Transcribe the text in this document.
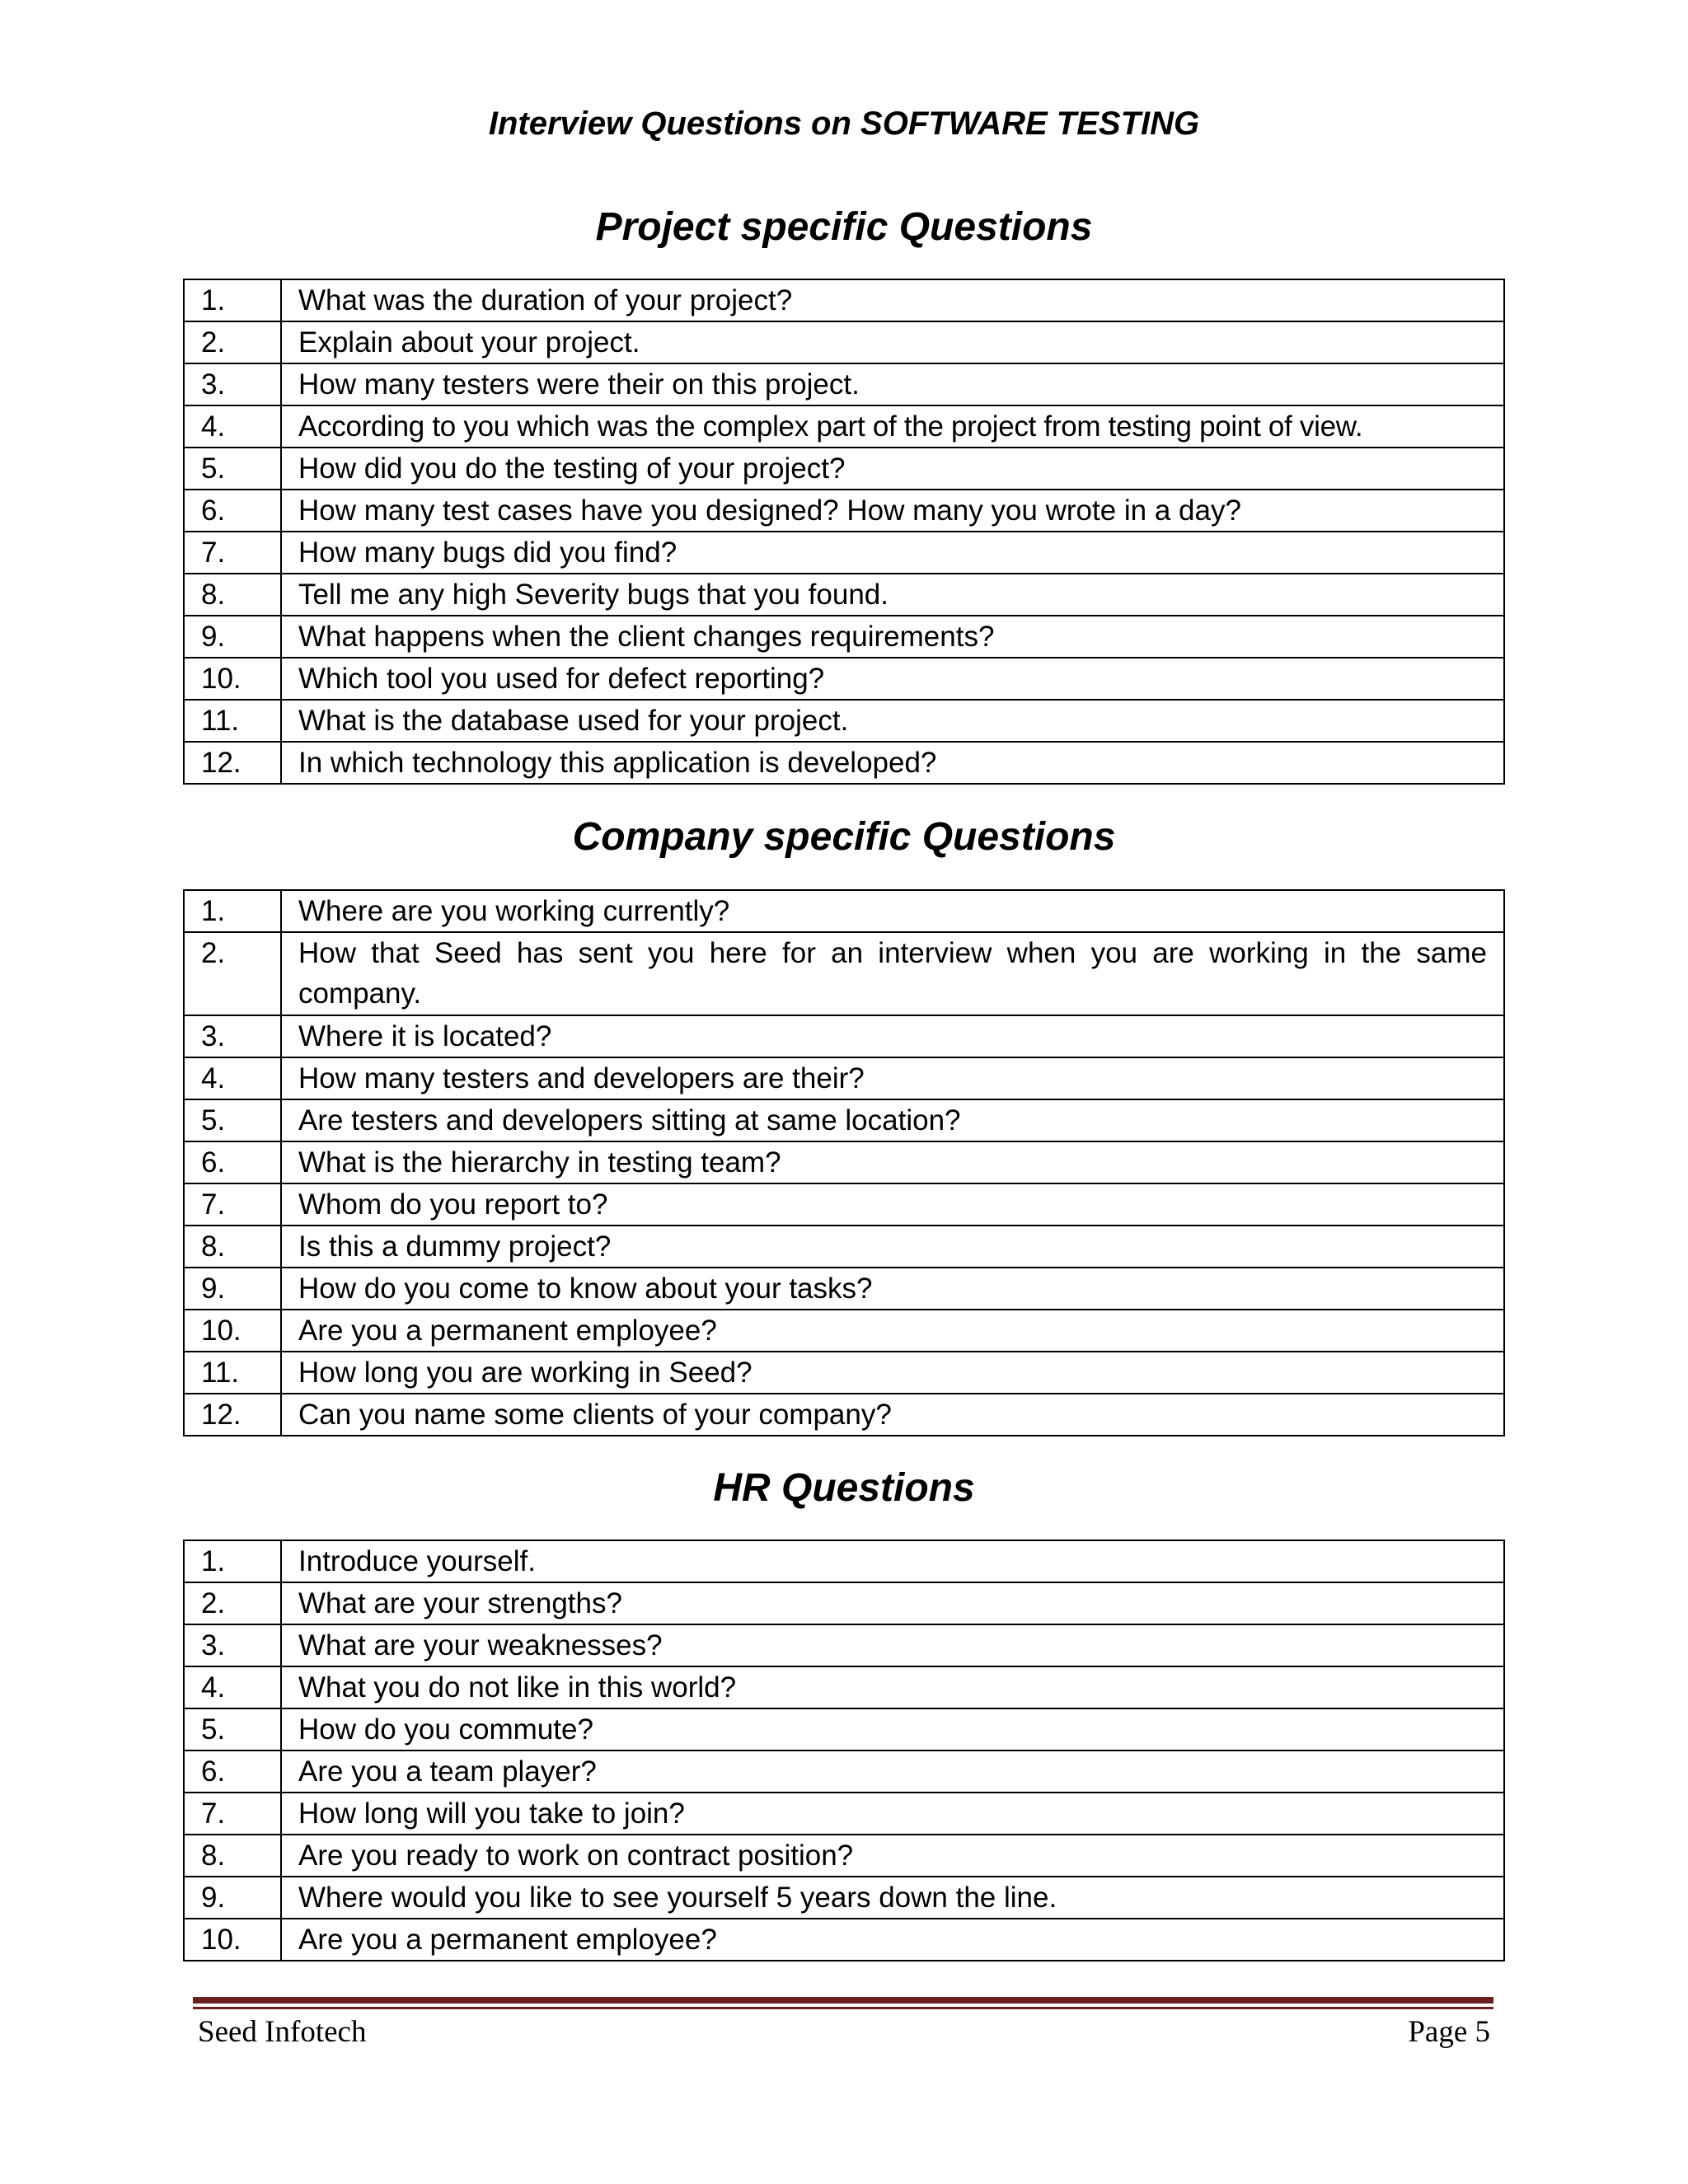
Interview Questions on SOFTWARE TESTING
Project specific Questions
1.	What was the duration of your project?
2.	Explain about your project.
3.	How many testers were their on this project.
4.	According to you which was the complex part of the project from testing point of view.
5.	How did you do the testing of your project?
6.	How many test cases have you designed? How many you wrote in a day?
7.	How many bugs did you find?
8.	Tell me any high Severity bugs that you found.
9.	What happens when the client changes requirements?
10.	Which tool you used for defect reporting?
11.	What is the database used for your project.
12.	In which technology this application is developed?
Company specific Questions
1.	Where are you working currently?
2.	How that Seed has sent you here for an interview when you are working in the same company.
3.	Where it is located?
4.	How many testers and developers are their?
5.	Are testers and developers sitting at same location?
6.	What is the hierarchy in testing team?
7.	Whom do you report to?
8.	Is this a dummy project?
9.	How do you come to know about your tasks?
10.	Are you a permanent employee?
11.	How long you are working in Seed?
12.	Can you name some clients of your company?
HR Questions
1.	Introduce yourself.
2.	What are your strengths?
3.	What are your weaknesses?
4.	What you do not like in this world?
5.	How do you commute?
6.	Are you a team player?
7.	How long will you take to join?
8.	Are you ready to work on contract position?
9.	Where would you like to see yourself 5 years down the line.
10.	Are you a permanent employee?
Seed Infotech	Page 5
